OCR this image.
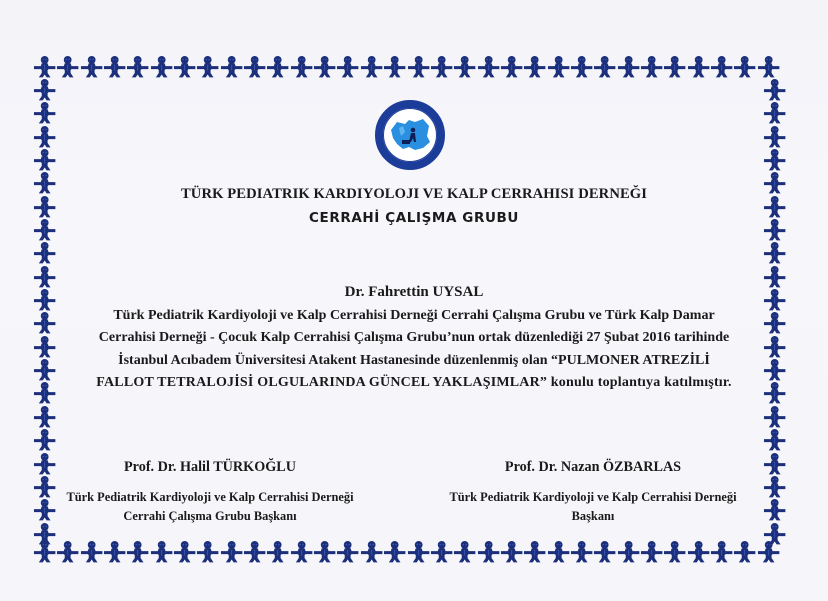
1995
TÜRK PEDIATRIK KARDIYOLOJI VE KALP CERRAHISI DERNEĞI
CERRAHİ ÇALIŞMA GRUBU
Dr. Fahrettin UYSAL
Türk Pediatrik Kardiyoloji ve Kalp Cerrahisi Derneği Cerrahi Çalışma Grubu ve Türk Kalp Damar
Cerrahisi Derneği - Çocuk Kalp Cerrahisi Çalışma Grubu’nun ortak düzenlediği 27 Şubat 2016 tarihinde
İstanbul Acıbadem Üniversitesi Atakent Hastanesinde düzenlenmiş olan “PULMONER ATREZİLİ
FALLOT TETRALOJİSİ OLGULARINDA GÜNCEL YAKLAŞIMLAR” konulu toplantıya katılmıştır.
Prof. Dr. Halil TÜRKOĞLU
Türk Pediatrik Kardiyoloji ve Kalp Cerrahisi Derneği
Cerrahi Çalışma Grubu Başkanı
Prof. Dr. Nazan ÖZBARLAS
Türk Pediatrik Kardiyoloji ve Kalp Cerrahisi Derneği
Başkanı
